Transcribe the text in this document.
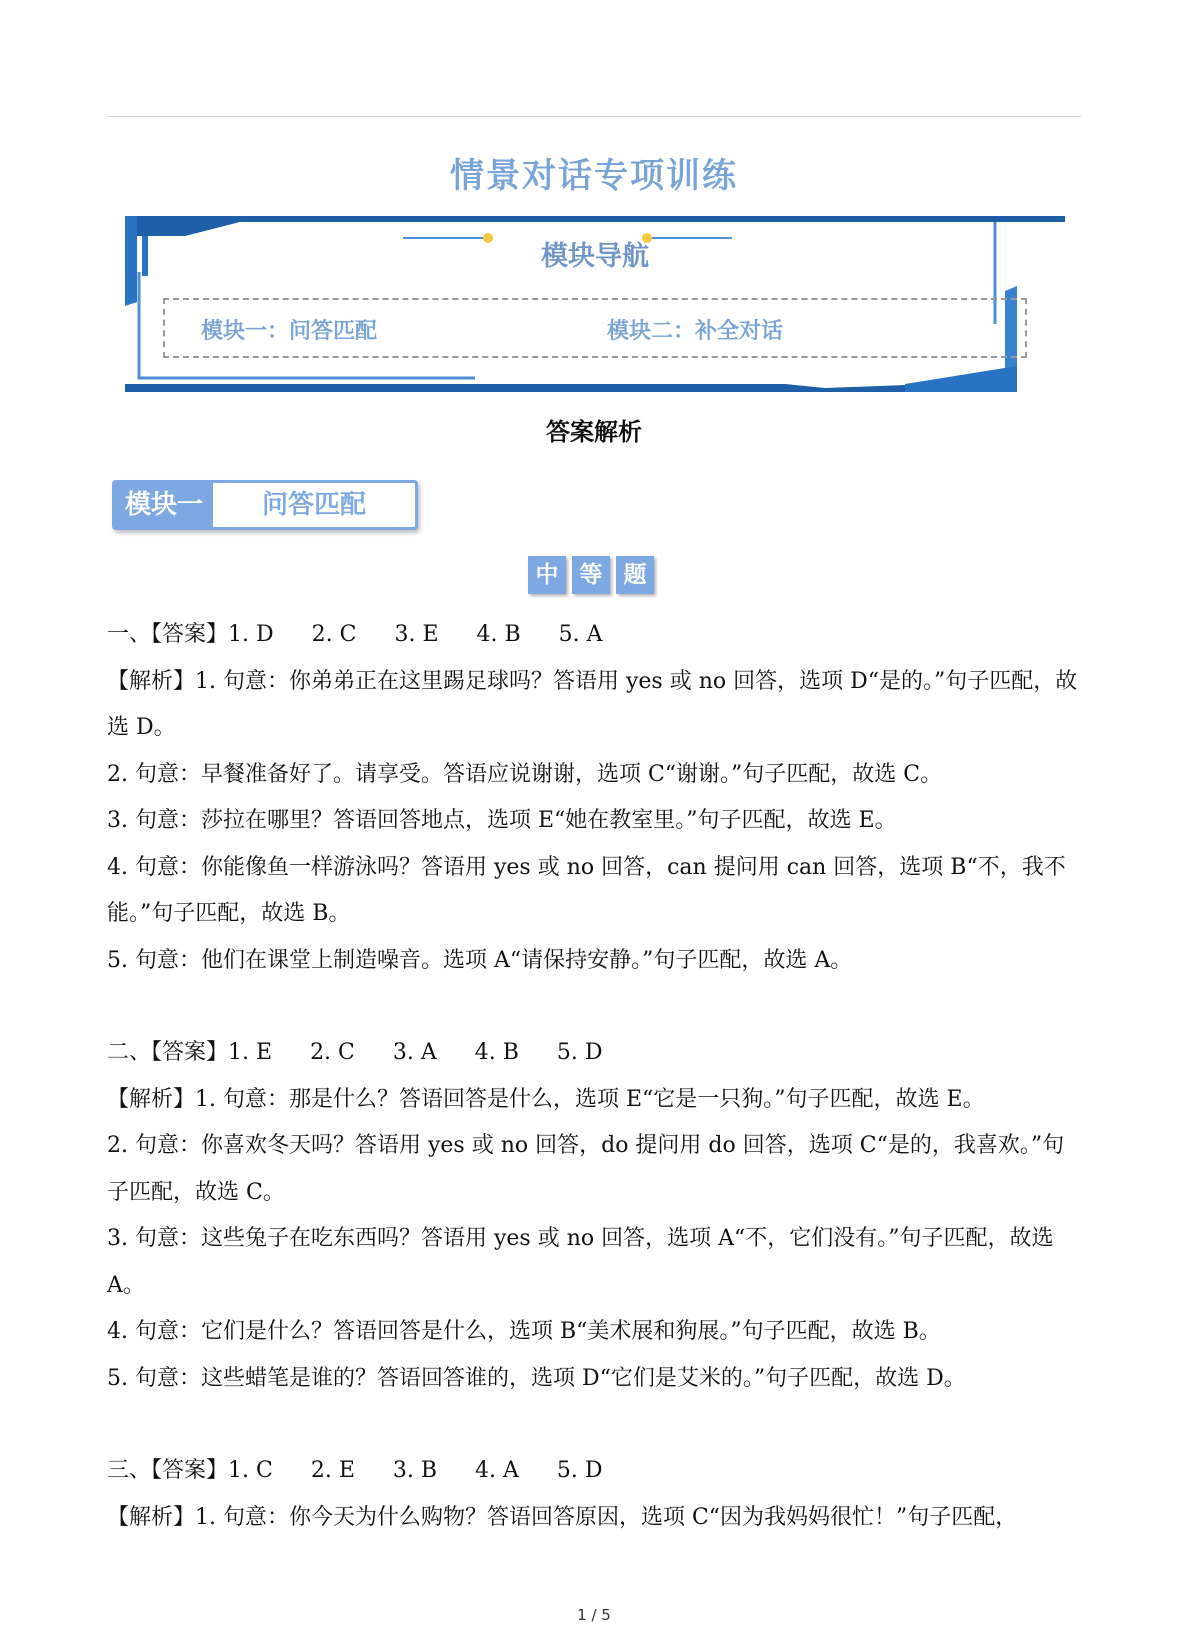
情景对话专项训练
模块导航
模块一：问答匹配	模块二：补全对话
答案解析
模块一	问答匹配
中 等 题

一、【答案】1. D 2. C 3. E 4. B 5. A

【解析】1. 句意：你弟弟正在这里踢足球吗？答语用 yes 或 no 回答，选项 D“是的。”句子匹配，故选 D。

2. 句意：早餐准备好了。请享受。答语应说谢谢，选项 C“谢谢。”句子匹配，故选 C。

3. 句意：莎拉在哪里？答语回答地点，选项 E“她在教室里。”句子匹配，故选 E。

4. 句意：你能像鱼一样游泳吗？答语用 yes 或 no 回答，can 提问用 can 回答，选项 B“不，我不能。”句子匹配，故选 B。

5. 句意：他们在课堂上制造噪音。选项 A“请保持安静。”句子匹配，故选 A。

二、【答案】1. E 2. C 3. A 4. B 5. D

【解析】1. 句意：那是什么？答语回答是什么，选项 E“它是一只狗。”句子匹配，故选 E。

2. 句意：你喜欢冬天吗？答语用 yes 或 no 回答，do 提问用 do 回答，选项 C“是的，我喜欢。”句子匹配，故选 C。

3. 句意：这些兔子在吃东西吗？答语用 yes 或 no 回答，选项 A“不，它们没有。”句子匹配，故选 A。

4. 句意：它们是什么？答语回答是什么，选项 B“美术展和狗展。”句子匹配，故选 B。

5. 句意：这些蜡笔是谁的？答语回答谁的，选项 D“它们是艾米的。”句子匹配，故选 D。

三、【答案】1. C 2. E 3. B 4. A 5. D

【解析】1. 句意：你今天为什么购物？答语回答原因，选项 C“因为我妈妈很忙！”句子匹配，

1 / 5
